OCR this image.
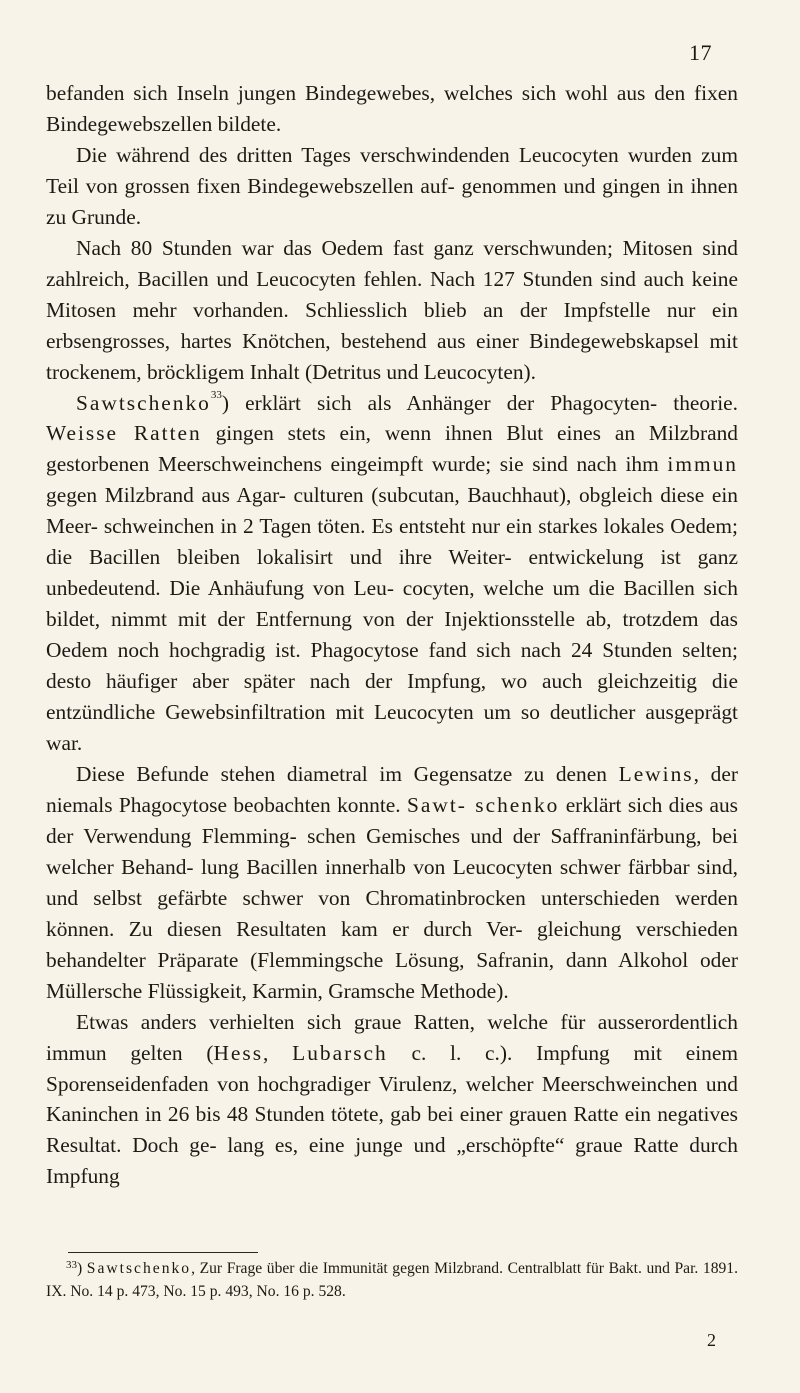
17

befanden sich Inseln jungen Bindegewebes, welches sich wohl aus den fixen Bindegewebszellen bildete.

Die während des dritten Tages verschwindenden Leucocyten wurden zum Teil von grossen fixen Bindegewebszellen auf- genommen und gingen in ihnen zu Grunde.

Nach 80 Stunden war das Oedem fast ganz verschwunden; Mitosen sind zahlreich, Bacillen und Leucocyten fehlen. Nach 127 Stunden sind auch keine Mitosen mehr vorhanden. Schliesslich blieb an der Impfstelle nur ein erbsengrosses, hartes Knötchen, bestehend aus einer Bindegewebskapsel mit trockenem, bröckligem Inhalt (Detritus und Leucocyten).

Sawtschenko$^{33}$) erklärt sich als Anhänger der Phagocyten- theorie. Weisse Ratten gingen stets ein, wenn ihnen Blut eines an Milzbrand gestorbenen Meerschweinchens eingeimpft wurde; sie sind nach ihm immun gegen Milzbrand aus Agar- culturen (subcutan, Bauchhaut), obgleich diese ein Meer- schweinchen in 2 Tagen töten. Es entsteht nur ein starkes lokales Oedem; die Bacillen bleiben lokalisirt und ihre Weiter- entwickelung ist ganz unbedeutend. Die Anhäufung von Leu- cocyten, welche um die Bacillen sich bildet, nimmt mit der Entfernung von der Injektionsstelle ab, trotzdem das Oedem noch hochgradig ist. Phagocytose fand sich nach 24 Stunden selten; desto häufiger aber später nach der Impfung, wo auch gleichzeitig die entzündliche Gewebsinfiltration mit Leucocyten um so deutlicher ausgeprägt war.

Diese Befunde stehen diametral im Gegensatze zu denen Lewins, der niemals Phagocytose beobachten konnte. Sawt- schenko erklärt sich dies aus der Verwendung Flemming- schen Gemisches und der Saffraninfärbung, bei welcher Behand- lung Bacillen innerhalb von Leucocyten schwer färbbar sind, und selbst gefärbte schwer von Chromatinbrocken unterschieden werden können. Zu diesen Resultaten kam er durch Ver- gleichung verschieden behandelter Präparate (Flemmingsche Lösung, Safranin, dann Alkohol oder Müllersche Flüssigkeit, Karmin, Gramsche Methode).

Etwas anders verhielten sich graue Ratten, welche für ausserordentlich immun gelten (Hess, Lubarsch c. l. c.). Impfung mit einem Sporenseidenfaden von hochgradiger Virulenz, welcher Meerschweinchen und Kaninchen in 26 bis 48 Stunden tötete, gab bei einer grauen Ratte ein negatives Resultat. Doch ge- lang es, eine junge und „erschöpfte“ graue Ratte durch Impfung

$^{33}$) Sawtschenko, Zur Frage über die Immunität gegen Milzbrand. Centralblatt für Bakt. und Par. 1891. IX. No. 14 p. 473, No. 15 p. 493, No. 16 p. 528.
2
